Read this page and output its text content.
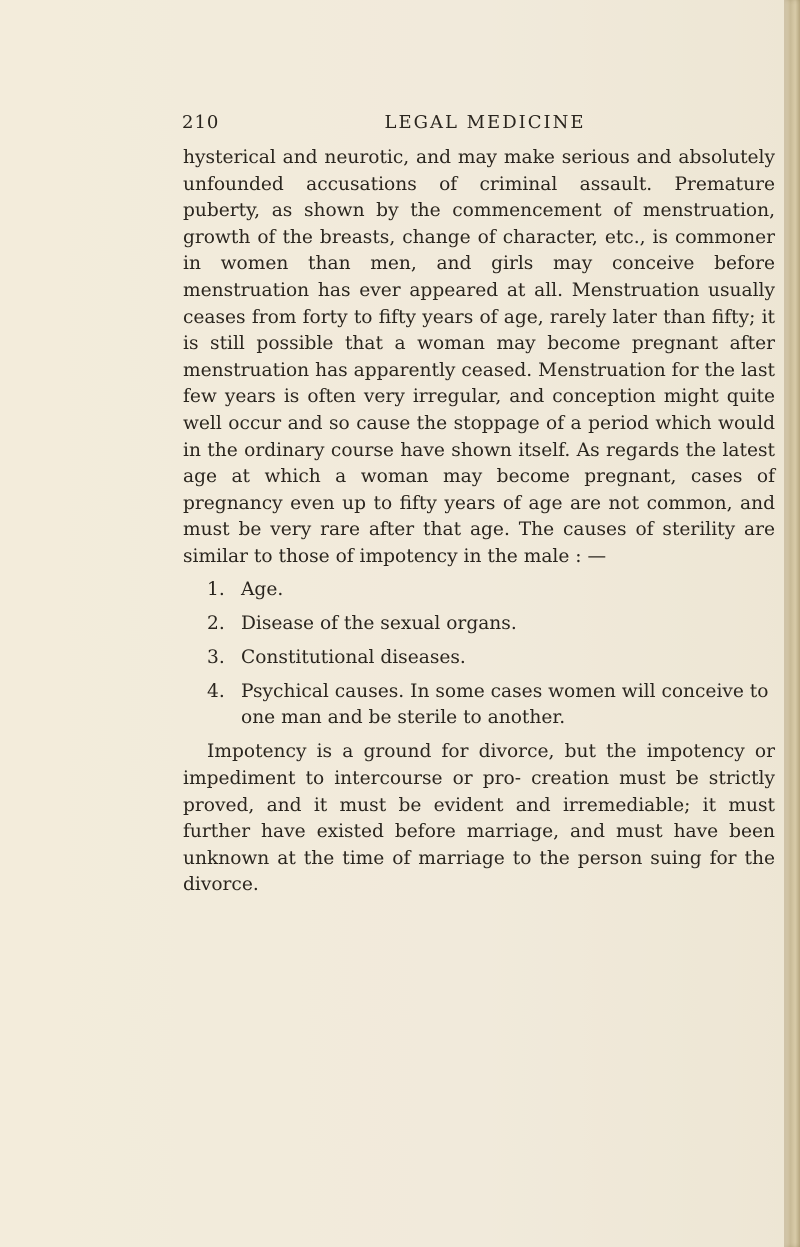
210	LEGAL MEDICINE

hysterical and neurotic, and may make serious and absolutely unfounded accusations of criminal assault. Premature puberty, as shown by the commencement of menstruation, growth of the breasts, change of character, etc., is commoner in women than men, and girls may conceive before menstruation has ever appeared at all. Menstruation usually ceases from forty to fifty years of age, rarely later than fifty; it is still possible that a woman may become pregnant after menstruation has apparently ceased. Menstruation for the last few years is often very irregular, and conception might quite well occur and so cause the stoppage of a period which would in the ordinary course have shown itself. As regards the latest age at which a woman may become pregnant, cases of pregnancy even up to fifty years of age are not common, and must be very rare after that age. The causes of sterility are similar to those of impotency in the male : —

1. Age.
2. Disease of the sexual organs.
3. Constitutional diseases.
4. Psychical causes. In some cases women will conceive to one man and be sterile to another.

Impotency is a ground for divorce, but the impotency or impediment to intercourse or pro- creation must be strictly proved, and it must be evident and irremediable; it must further have existed before marriage, and must have been unknown at the time of marriage to the person suing for the divorce.
